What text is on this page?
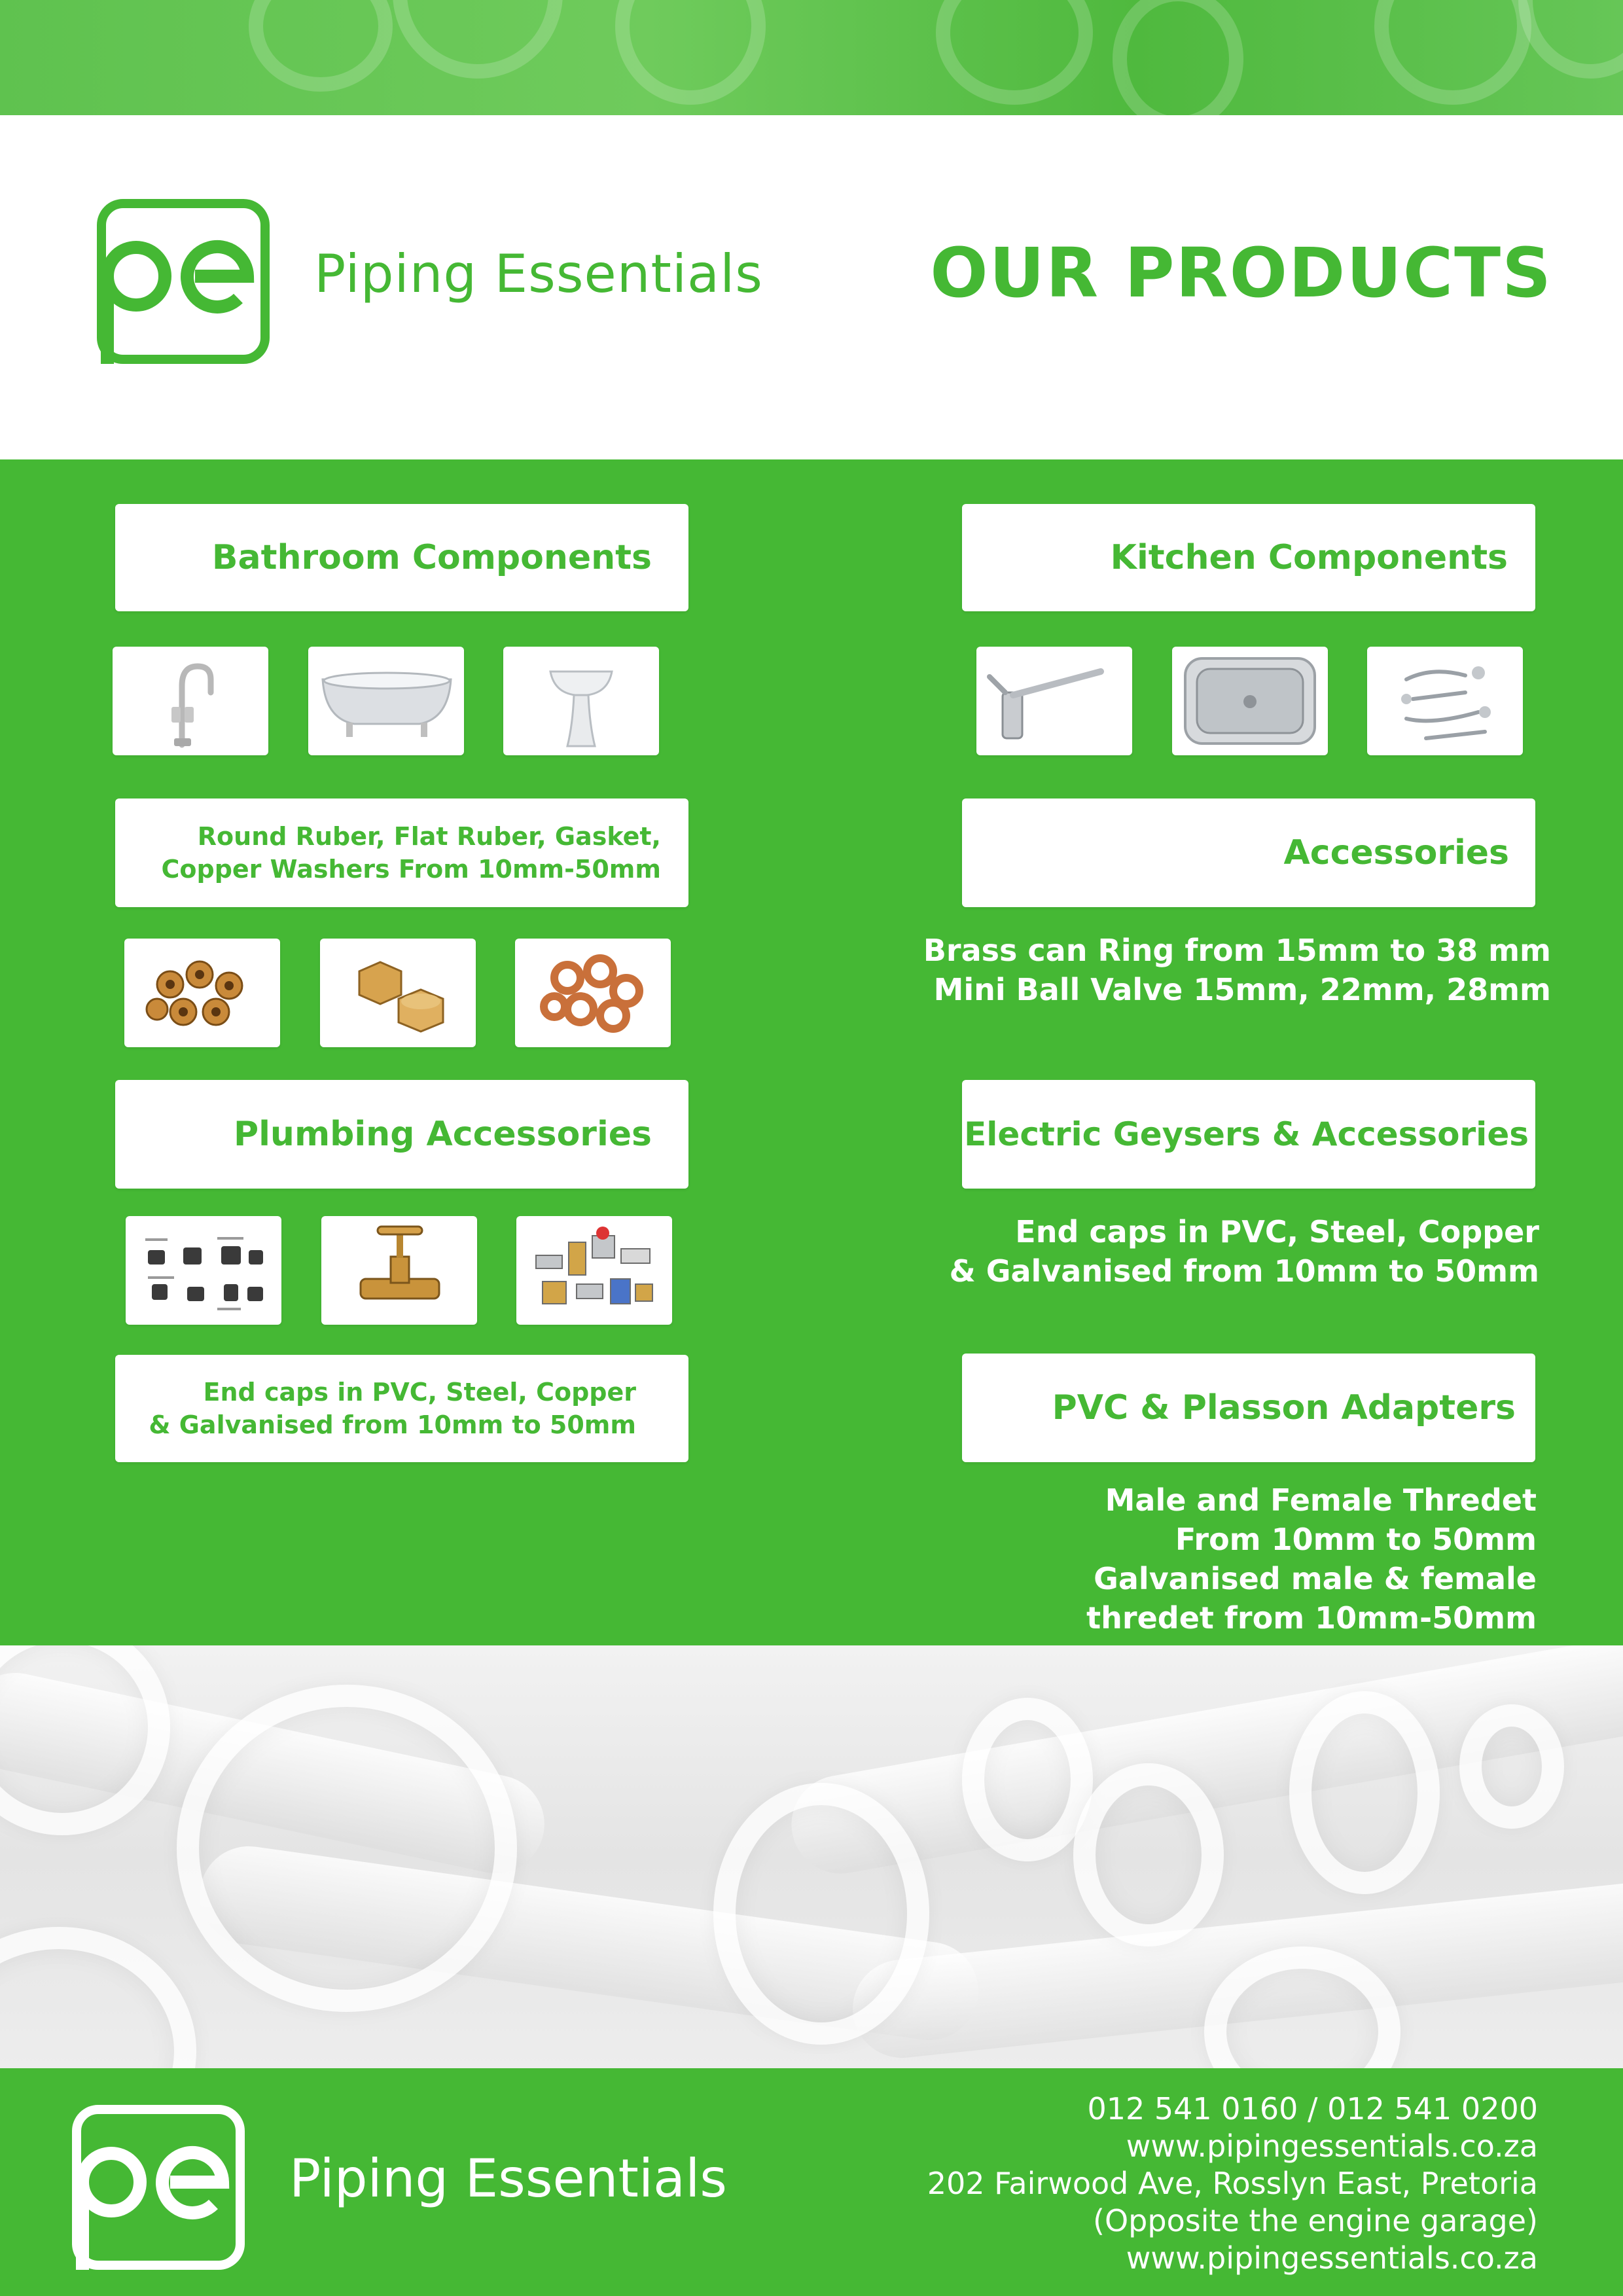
Piping Essentials OUR PRODUCTS
Bathroom Components
Round Ruber, Flat Ruber, Gasket,
Copper Washers From 10mm-50mm
Plumbing Accessories
End caps in PVC, Steel, Copper
& Galvanised from 10mm to 50mm
Kitchen Components
Accessories
Brass can Ring from 15mm to 38 mm
Mini Ball Valve 15mm, 22mm, 28mm
Electric Geysers & Accessories
End caps in PVC, Steel, Copper
& Galvanised from 10mm to 50mm
PVC & Plasson Adapters
Male and Female Thredet
From 10mm to 50mm
Galvanised male & female
thredet from 10mm-50mm
Piping Essentials
012 541 0160 / 012 541 0200
www.pipingessentials.co.za
202 Fairwood Ave, Rosslyn East, Pretoria
(Opposite the engine garage)
www.pipingessentials.co.za
